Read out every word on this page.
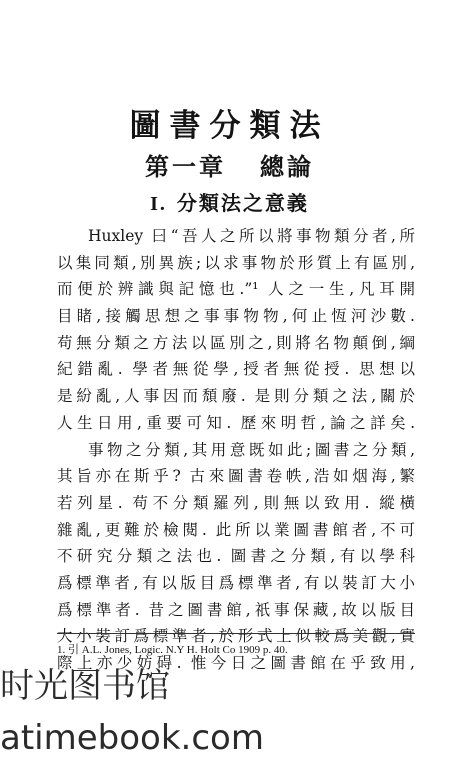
圖書分類法
第一章 總論
I. 分類法之意義
Huxley 曰“吾人之所以將事物類分者,所
以集同類,別異族;以求事物於形質上有區別,
而便於辨識與記憶也.”¹ 人之一生,凡耳開
目睹,接觸思想之事事物物,何止恆河沙數.
苟無分類之方法以區別之,則將名物顛倒,綱
紀錯亂. 學者無從學,授者無從授. 思想以
是紛亂,人事因而頹廢. 是則分類之法,關於
人生日用,重要可知. 歷來明哲,論之詳矣.
事物之分類,其用意既如此;圖書之分類,
其旨亦在斯乎? 古來圖書卷帙,浩如烟海,繁
若列星. 苟不分類羅列,則無以致用. 縱橫
雜亂,更難於檢閱. 此所以業圖書館者,不可
不研究分類之法也. 圖書之分類,有以學科
爲標準者,有以版目爲標準者,有以裝訂大小
爲標準者. 昔之圖書館,祇事保藏,故以版目
大小裝訂爲標準者,於形式上似較爲美觀,實
際上亦少妨碍. 惟今日之圖書館在乎致用,
1. 引 A.L. Jones, Logic. N.Y H. Holt Co 1909 p. 40.
时光图书馆
atimebook.com
